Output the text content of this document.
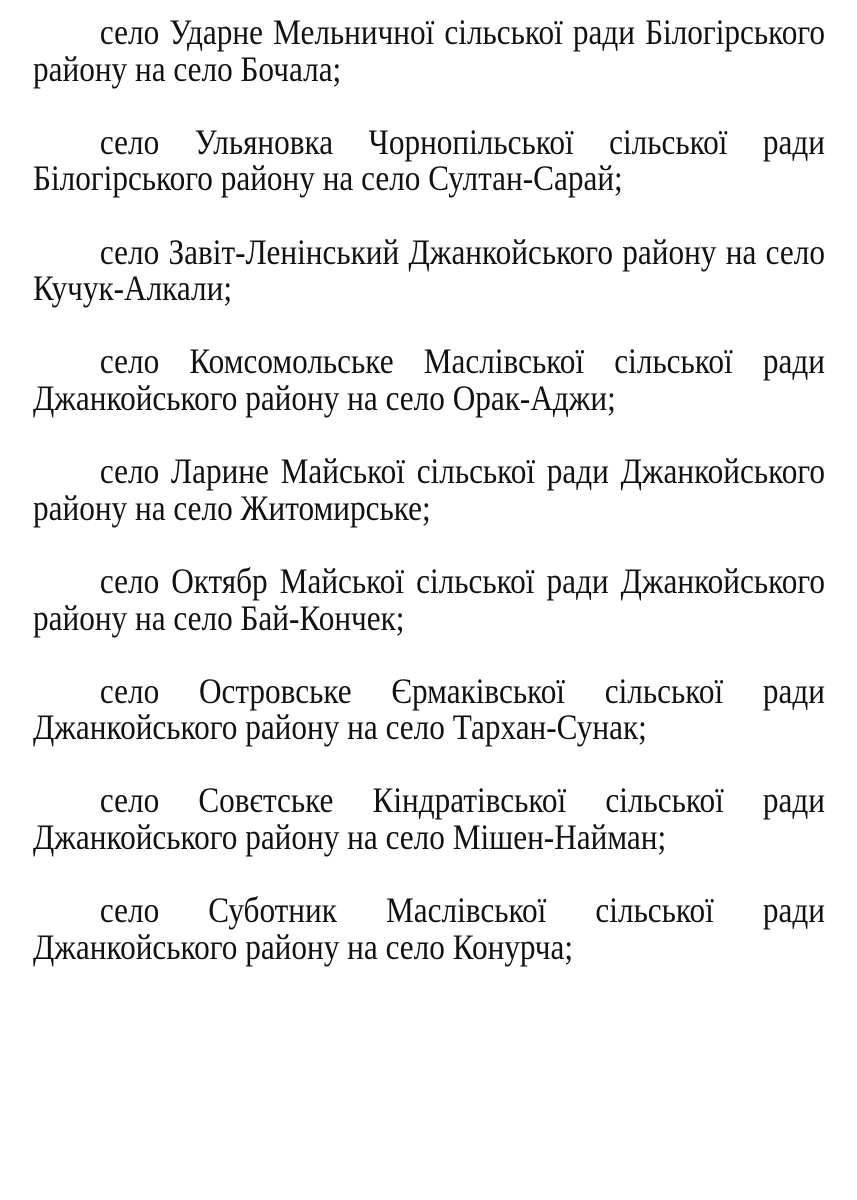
село Ударне Мельничної сільської ради Білогірського району на село Бочала;

село Ульяновка Чорнопільської сільської ради Білогірського району на село Султан-Сарай;

село Завіт-Ленінський Джанкойського району на село Кучук-Алкали;

село Комсомольське Маслівської сільської ради Джанкойського району на село Орак-Аджи;

село Ларине Майської сільської ради Джанкойського району на село Житомирське;

село Октябр Майської сільської ради Джанкойського району на село Бай-Кончек;

село Островське Єрмаківської сільської ради Джанкойського району на село Тархан-Сунак;

село Совєтське Кіндратівської сільської ради Джанкойського району на село Мішен-Найман;

село Суботник Маслівської сільської ради Джанкойського району на село Конурча;
